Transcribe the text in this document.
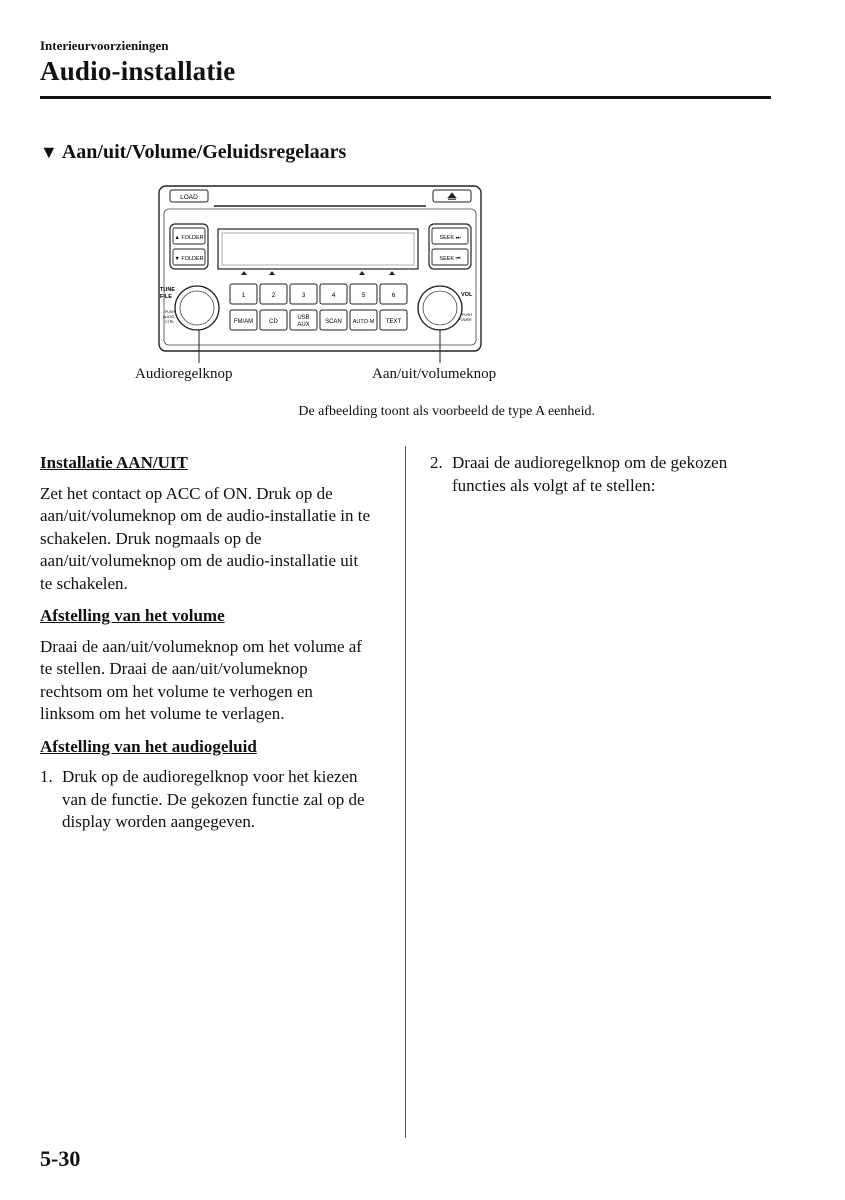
Interieurvoorzieningen
Audio-installatie
▼ Aan/uit/Volume/Geluidsregelaars
LOAD
▲ FOLDER
▼ FOLDER
SEEK ⏭
SEEK ⏮
TUNE
FILE
PUSH
AUDIO
CTRL
VOL
PUSH
POWER
1	2	3	4	5	6
FM/AM	CD
USB
AUX	SCAN AUTO·M TEXT
Audioregelknop	Aan/uit/volumeknop
De afbeelding toont als voorbeeld de type A eenheid.
Installatie AAN/UIT

Zet het contact op ACC of ON. Druk op de aan/uit/volumeknop om de audio-installatie in te schakelen. Druk nogmaals op de aan/uit/volumeknop om de audio-installatie uit te schakelen.

Afstelling van het volume

Draai de aan/uit/volumeknop om het volume af te stellen. Draai de aan/uit/volumeknop rechtsom om het volume te verhogen en linksom om het volume te verlagen.

Afstelling van het audiogeluid
1. Druk op de audioregelknop voor het kiezen van de functie. De gekozen functie zal op de display worden aangegeven.
2. Draai de audioregelknop om de gekozen functies als volgt af te stellen:
5-30
